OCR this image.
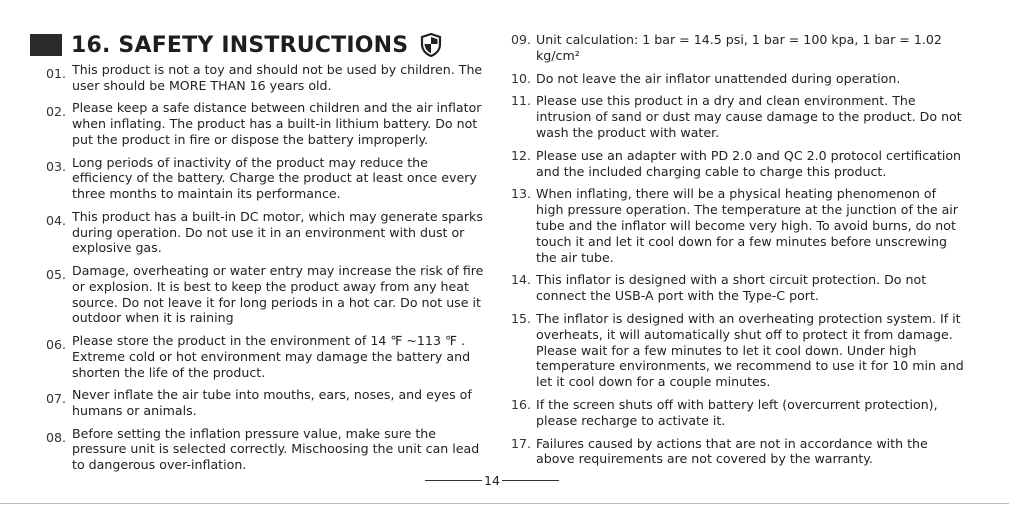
16. SAFETY INSTRUCTIONS
01. This product is not a toy and should not be used by children. The user should be MORE THAN 16 years old.
02. Please keep a safe distance between children and the air inflator when inflating. The product has a built-in lithium battery. Do not put the product in fire or dispose the battery improperly.
03. Long periods of inactivity of the product may reduce the efficiency of the battery. Charge the product at least once every three months to maintain its performance.
04. This product has a built-in DC motor, which may generate sparks during operation. Do not use it in an environment with dust or explosive gas.
05. Damage, overheating or water entry may increase the risk of fire or explosion. It is best to keep the product away from any heat source. Do not leave it for long periods in a hot car. Do not use it outdoor when it is raining
06. Please store the product in the environment of 14 ℉ ~113 ℉ . Extreme cold or hot environment may damage the battery and shorten the life of the product.
07. Never inflate the air tube into mouths, ears, noses, and eyes of humans or animals.
08. Before setting the inflation pressure value, make sure the pressure unit is selected correctly. Mischoosing the unit can lead to dangerous over-inflation.
09. Unit calculation: 1 bar = 14.5 psi, 1 bar = 100 kpa, 1 bar = 1.02 kg/cm²
10. Do not leave the air inflator unattended during operation.
11. Please use this product in a dry and clean environment. The intrusion of sand or dust may cause damage to the product. Do not wash the product with water.
12. Please use an adapter with PD 2.0 and QC 2.0 protocol certification and the included charging cable to charge this product.
13. When inflating, there will be a physical heating phenomenon of high pressure operation. The temperature at the junction of the air tube and the inflator will become very high. To avoid burns, do not touch it and let it cool down for a few minutes before unscrewing the air tube.
14. This inflator is designed with a short circuit protection. Do not connect the USB-A port with the Type-C port.
15. The inflator is designed with an overheating protection system. If it overheats, it will automatically shut off to protect it from damage. Please wait for a few minutes to let it cool down. Under high temperature environments, we recommend to use it for 10 min and let it cool down for a couple minutes.
16. If the screen shuts off with battery left (overcurrent protection), please recharge to activate it.
17. Failures caused by actions that are not in accordance with the above requirements are not covered by the warranty.
14
